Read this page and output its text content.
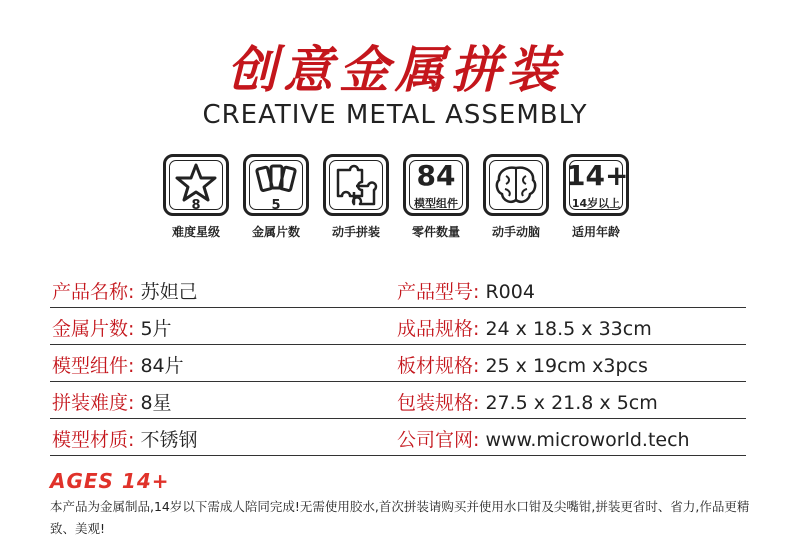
创意金属拼装
CREATIVE METAL ASSEMBLY
8
难度星级
5
金属片数	动手拼装
84
模型组件
零件数量	动手动脑
14+
14岁以上
适用年龄
产品名称: 苏妲己	产品型号: R004
金属片数: 5片	成品规格: 24 x 18.5 x 33cm
模型组件: 84片	板材规格: 25 x 19cm x3pcs
拼装难度: 8星	包装规格: 27.5 x 21.8 x 5cm
模型材质: 不锈钢	公司官网: www.microworld.tech
AGES 14+
本产品为金属制品,14岁以下需成人陪同完成!无需使用胶水,首次拼装请购买并使用水口钳及尖嘴钳,拼装更省时、省力,作品更精致、美观!
